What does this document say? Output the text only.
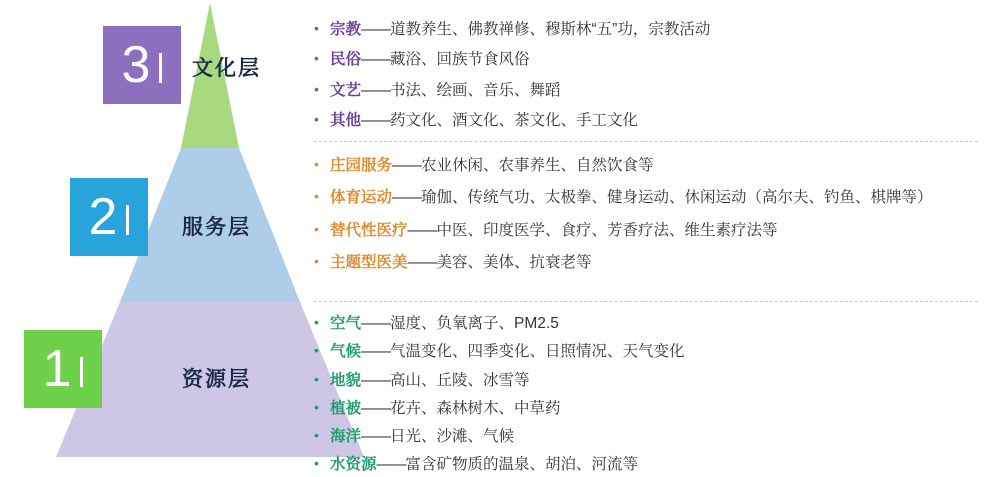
3
2
1
文化层
服务层
资源层
• 宗教——道教养生、佛教禅修、穆斯林“五”功，宗教活动
• 民俗——藏浴、回族节食风俗
• 文艺——书法、绘画、音乐、舞蹈
• 其他——药文化、酒文化、茶文化、手工文化
• 庄园服务——农业休闲、农事养生、自然饮食等
• 体育运动——瑜伽、传统气功、太极拳、健身运动、休闲运动（高尔夫、钓鱼、棋牌等）
• 替代性医疗——中医、印度医学、食疗、芳香疗法、维生素疗法等
• 主题型医美——美容、美体、抗衰老等
• 空气——湿度、负氧离子、PM2.5
• 气候——气温变化、四季变化、日照情况、天气变化
• 地貌——高山、丘陵、冰雪等
• 植被——花卉、森林树木、中草药
• 海洋——日光、沙滩、气候
• 水资源——富含矿物质的温泉、胡泊、河流等
